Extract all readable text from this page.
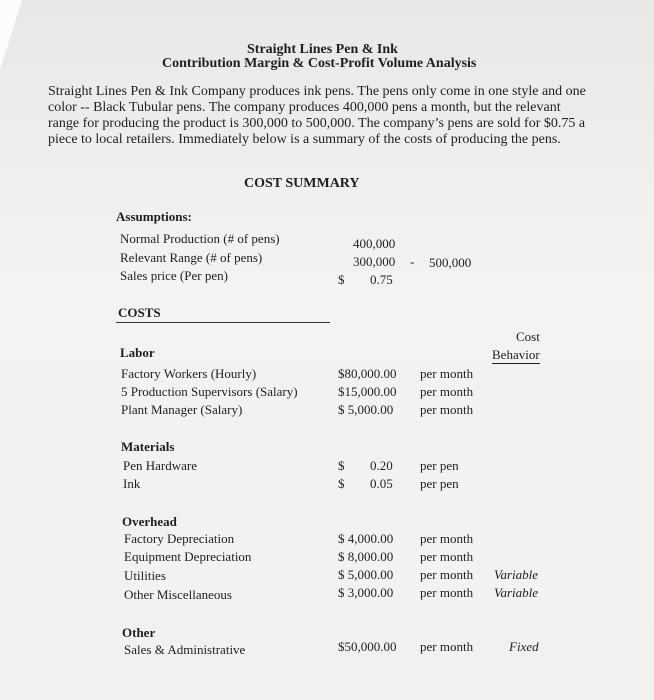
Straight Lines Pen & Ink
Contribution Margin & Cost-Profit Volume Analysis
Straight Lines Pen & Ink Company produces ink pens. The pens only come in one style and one
color -- Black Tubular pens. The company produces 400,000 pens a month, but the relevant
range for producing the product is 300,000 to 500,000. The company’s pens are sold for $0.75 a
piece to local retailers. Immediately below is a summary of the costs of producing the pens.
COST SUMMARY
Assumptions:
Normal Production (# of pens)	400,000
Relevant Range (# of pens)	300,000 - 500,000
Sales price (Per pen)	$ 0.75
COSTS
Cost
Behavior
Labor
Factory Workers (Hourly)	$80,000.00 per month
5 Production Supervisors (Salary)	$15,000.00 per month
Plant Manager (Salary)	$ 5,000.00 per month
Materials
Pen Hardware	$ 0.20 per pen
Ink	$ 0.05 per pen
Overhead
Factory Depreciation	$ 4,000.00 per month
Equipment Depreciation	$ 8,000.00 per month
Utilities	$ 5,000.00 per month Variable
Other Miscellaneous	$ 3,000.00 per month Variable
Other
Sales & Administrative	$50,000.00 per month	Fixed
